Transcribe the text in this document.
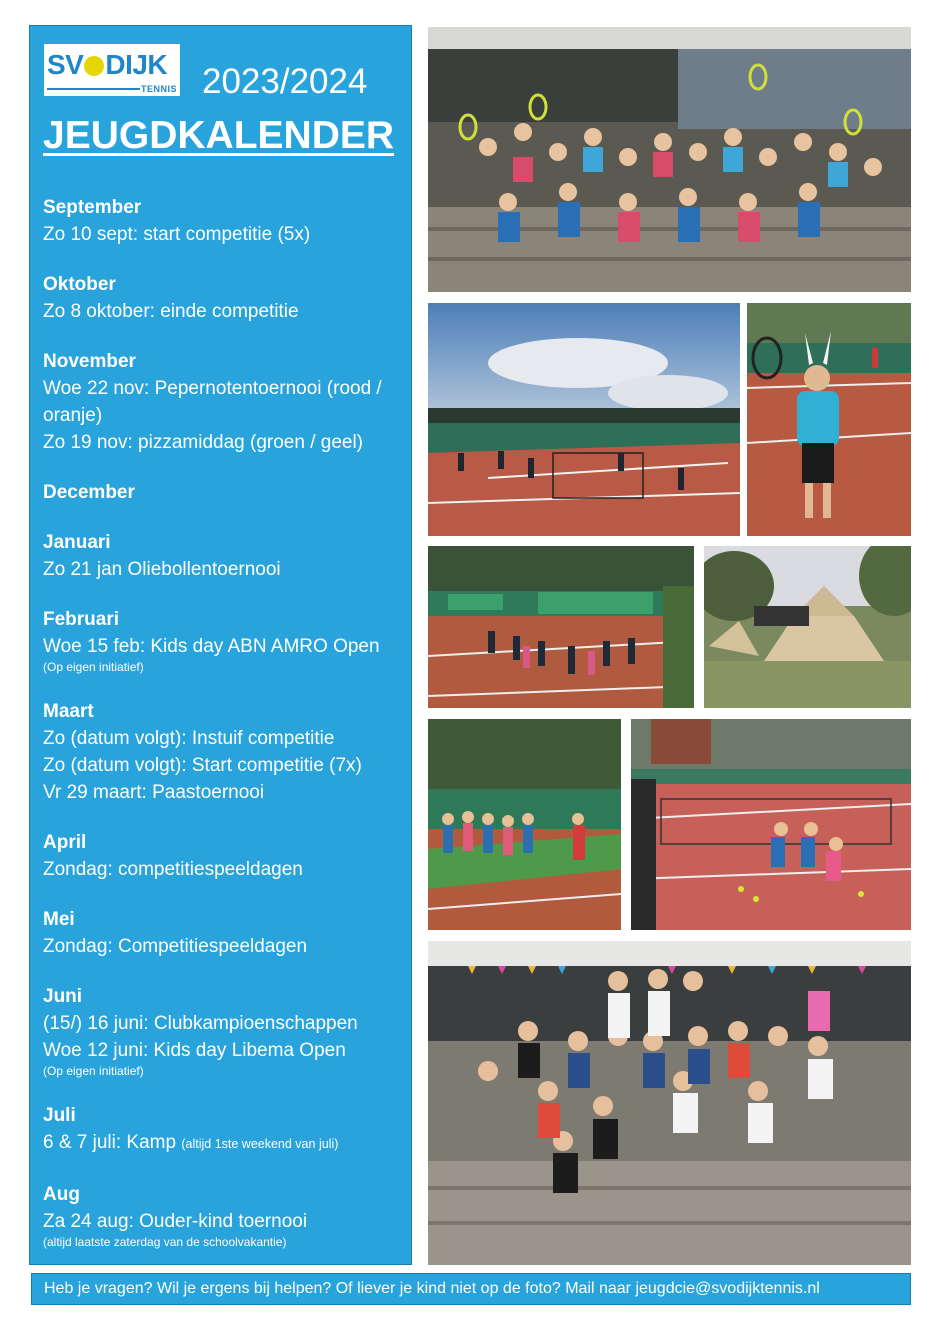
SV DIJK
TENNIS 2023/2024
JEUGDKALENDER
September
Zo 10 sept: start competitie (5x)
Oktober
Zo 8 oktober: einde competitie
November
Woe 22 nov: Pepernotentoernooi (rood / oranje)
Zo 19 nov: pizzamiddag (groen / geel)
December
Januari
Zo 21 jan Oliebollentoernooi
Februari
Woe 15 feb: Kids day ABN AMRO Open
(Op eigen initiatief)
Maart
Zo (datum volgt): Instuif competitie
Zo (datum volgt): Start competitie (7x)
Vr 29 maart: Paastoernooi
April
Zondag: competitiespeeldagen
Mei
Zondag: Competitiespeeldagen
Juni
(15/) 16 juni: Clubkampioenschappen
Woe 12 juni: Kids day Libema Open
(Op eigen initiatief)
Juli
6 & 7 juli: Kamp (altijd 1ste weekend van juli)
Aug
Za 24 aug: Ouder-kind toernooi
(altijd laatste zaterdag van de schoolvakantie)
Heb je vragen? Wil je ergens bij helpen? Of liever je kind niet op de foto? Mail naar jeugdcie@svodijktennis.nl
